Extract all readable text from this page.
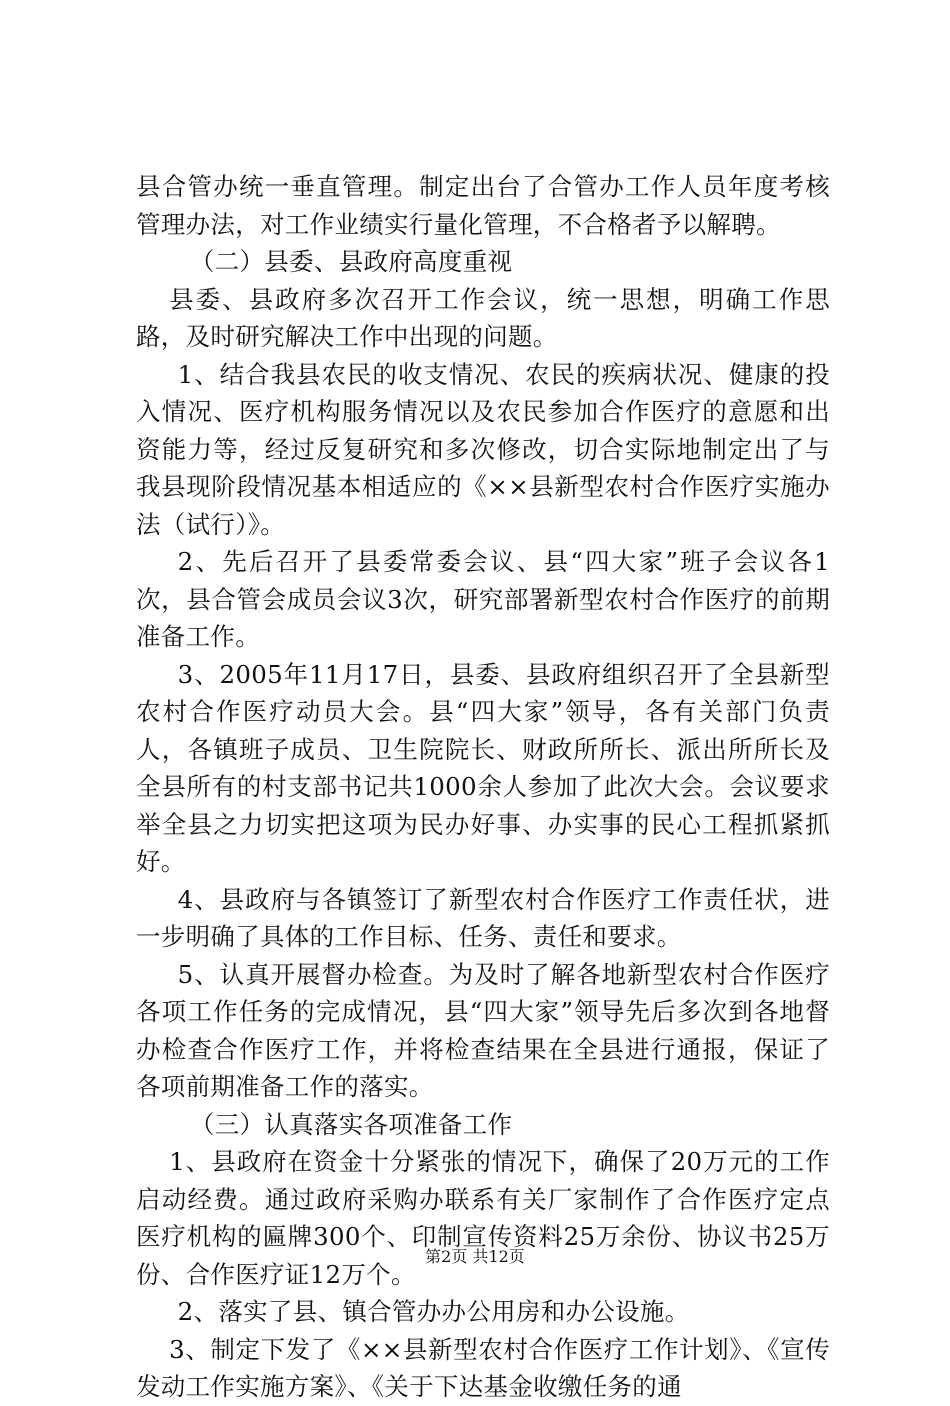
县合管办统一垂直管理。制定出台了合管办工作人员年度考核管理办法，对工作业绩实行量化管理，不合格者予以解聘。

（二）县委、县政府高度重视

县委、县政府多次召开工作会议，统一思想，明确工作思路，及时研究解决工作中出现的问题。

1、结合我县农民的收支情况、农民的疾病状况、健康的投入情况、医疗机构服务情况以及农民参加合作医疗的意愿和出资能力等，经过反复研究和多次修改，切合实际地制定出了与我县现阶段情况基本相适应的《××县新型农村合作医疗实施办法（试行）》。

2、先后召开了县委常委会议、县“四大家”班子会议各1次，县合管会成员会议3次，研究部署新型农村合作医疗的前期准备工作。

3、2005年11月17日，县委、县政府组织召开了全县新型农村合作医疗动员大会。县“四大家”领导，各有关部门负责人，各镇班子成员、卫生院院长、财政所所长、派出所所长及全县所有的村支部书记共1000余人参加了此次大会。会议要求举全县之力切实把这项为民办好事、办实事的民心工程抓紧抓好。

4、县政府与各镇签订了新型农村合作医疗工作责任状，进一步明确了具体的工作目标、任务、责任和要求。

5、认真开展督办检查。为及时了解各地新型农村合作医疗各项工作任务的完成情况，县“四大家”领导先后多次到各地督办检查合作医疗工作，并将检查结果在全县进行通报，保证了各项前期准备工作的落实。

（三）认真落实各项准备工作

1、县政府在资金十分紧张的情况下，确保了20万元的工作启动经费。通过政府采购办联系有关厂家制作了合作医疗定点医疗机构的匾牌300个、印制宣传资料25万余份、协议书25万份、合作医疗证12万个。

2、落实了县、镇合管办办公用房和办公设施。

3、制定下发了《××县新型农村合作医疗工作计划》、《宣传发动工作实施方案》、《关于下达基金收缴任务的通

第2页 共12页
